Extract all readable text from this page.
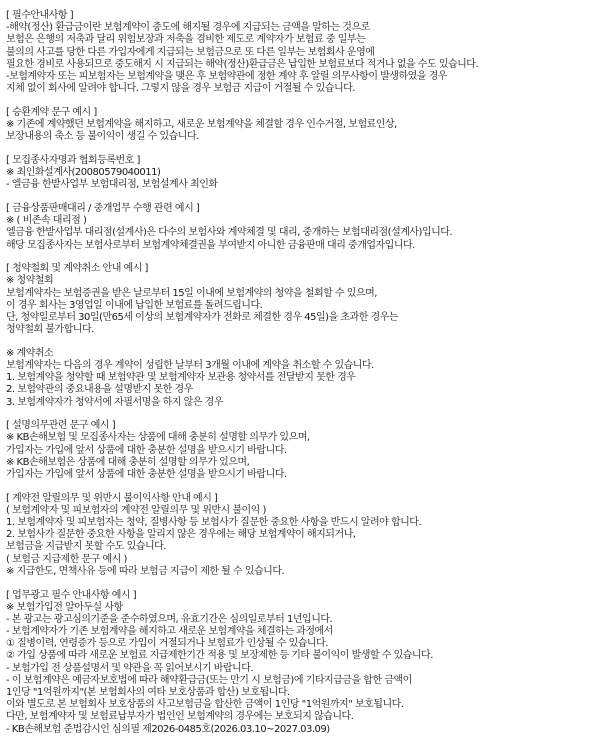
[ 필수안내사항 ]
-해약(정산) 환급금이란 보험계약이 중도에 해지될 경우에 지급되는 금액을 말하는 것으로
보험은 은행의 저축과 달리 위험보장과 저축을 겸비한 제도로 계약자가 보험료 중 일부는
불의의 사고를 당한 다른 가입자에게 지급되는 보험금으로 또 다른 일부는 보험회사 운영에
필요한 경비로 사용되므로 중도해지 시 지급되는 해약(정산)환급금은 납입한 보험료보다 적거나 없을 수도 있습니다.
-보험계약자 또는 피보험자는 보험계약을 맺은 후 보험약관에 정한 계약 후 알릴 의무사항이 발생하였을 경우
지체 없이 회사에 알려야 합니다. 그렇지 않을 경우 보험금 지급이 거절될 수 있습니다.
[ 승환계약 문구 예시 ]
※ 기존에 계약했던 보험계약을 해지하고, 새로운 보험계약을 체결할 경우 인수거절, 보험료인상,
보장내용의 축소 등 불이익이 생길 수 있습니다.
[ 모집종사자명과 협회등록번호 ]
※ 최인화설계사(20080579040011)
- 엘금융 한밭사업부 보험대리점, 보험설계사 최인화
[ 금융상품판매대리 / 중개업무 수행 관련 예시 ]
※ ( 비존속 대리점 )
엘금융 한밭사업부 대리점(설계사)은 다수의 보험사와 계약체결 및 대리, 중개하는 보험대리점(설계사)입니다.
해당 모집종사자는 보험사로부터 보험계약체결권을 부여받지 아니한 금융판매 대리 중개업자입니다.
[ 청약철회 및 계약취소 안내 예시 ]
※ 청약철회
보험계약자는 보험증권을 받은 날로부터 15일 이내에 보험계약의 청약을 철회할 수 있으며,
이 경우 회사는 3영업일 이내에 납입한 보험료를 돌려드립니다.
단, 청약일로부터 30일(만65세 이상의 보험계약자가 전화로 체결한 경우 45일)을 초과한 경우는
청약철회 불가합니다.
※ 계약취소
보험계약자는 다음의 경우 계약이 성립한 날부터 3개월 이내에 계약을 취소할 수 있습니다.
1. 보험계약을 청약할 때 보험약관 및 보험계약자 보관용 청약서를 전달받지 못한 경우
2. 보험약관의 중요내용을 설명받지 못한 경우
3. 보험계약자가 청약서에 자필서명을 하지 않은 경우
[ 설명의무관련 문구 예시 ]
※ KB손해보험 및 모집종사자는 상품에 대해 충분히 설명할 의무가 있으며,
가입자는 가입에 앞서 상품에 대한 충분한 설명을 받으시기 바랍니다.
※ KB손해보험은 상품에 대해 충분히 설명할 의무가 있으며,
가입자는 가입에 앞서 상품에 대한 충분한 설명을 받으시기 바랍니다.
[ 계약전 알릴의무 및 위반시 불이익사항 안내 예시 ]
( 보험계약자 및 피보험자의 계약전 알릴의무 및 위반시 불이익 )
1. 보험계약자 및 피보험자는 청약, 질병사항 등 보험사가 질문한 중요한 사항을 반드시 알려야 합니다.
2. 보험사가 질문한 중요한 사항을 알리지 않은 경우에는 해당 보험계약이 해지되거나,
보험금을 지급받지 못할 수도 있습니다.
( 보험금 지급제한 문구 예시 )
※ 지급한도, 면책사유 등에 따라 보험금 지급이 제한 될 수 있습니다.
[ 업무광고 필수 안내사항 예시 ]
※ 보험가입전 알아두실 사항
- 본 광고는 광고심의기준을 준수하였으며, 유효기간은 심의일로부터 1년입니다.
- 보험계약자가 기존 보험계약을 해지하고 새로운 보험계약을 체결하는 과정에서
① 질병이력, 연령증가 등으로 가입이 거절되거나 보험료가 인상될 수 있습니다.
② 가입 상품에 따라 새로운 보험료 지급제한기간 적용 및 보장제한 등 기타 불이익이 발생할 수 있습니다.
- 보험가입 전 상품설명서 및 약관을 꼭 읽어보시기 바랍니다.
- 이 보험계약은 예금자보호법에 따라 해약환급금(또는 만기 시 보험금)에 기타지급금을 합한 금액이
1인당 "1억원까지"(본 보험회사의 여타 보호상품과 합산) 보호됩니다.
이와 별도로 본 보험회사 보호상품의 사고보험금을 합산한 금액이 1인당 "1억원까지" 보호됩니다.
다만, 보험계약자 및 보험료납부자가 법인인 보험계약의 경우에는 보호되지 않습니다.
- KB손해보험 준법감시인 심의필 제2026-0485호(2026.03.10~2027.03.09)
